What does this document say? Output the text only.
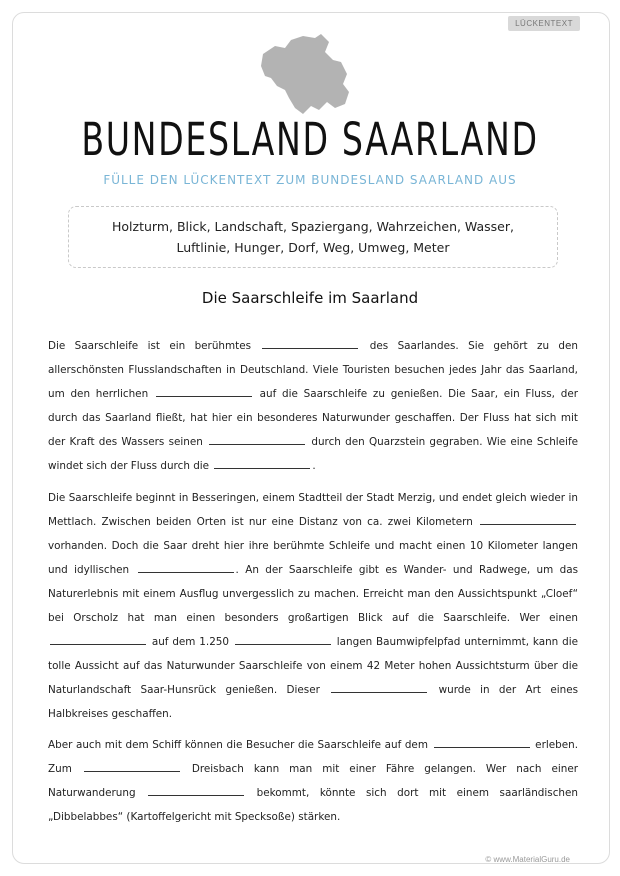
LÜCKENTEXT
BUNDESLAND SAARLAND
FÜLLE DEN LÜCKENTEXT ZUM BUNDESLAND SAARLAND AUS
Holzturm, Blick, Landschaft, Spaziergang, Wahrzeichen, Wasser,
Luftlinie, Hunger, Dorf, Weg, Umweg, Meter
Die Saarschleife im Saarland
Die Saarschleife ist ein berühmtes	des Saarlandes. Sie gehört zu den allerschönsten Flusslandschaften in Deutschland. Viele Touristen besuchen jedes Jahr das Saarland, um den herrlichen	auf die Saarschleife zu genießen. Die Saar, ein Fluss, der durch das Saarland fließt, hat hier ein besonderes Naturwunder geschaffen. Der Fluss hat sich mit der Kraft des Wassers seinen	durch den Quarzstein gegraben. Wie eine Schleife windet sich der Fluss durch die	.
Die Saarschleife beginnt in Besseringen, einem Stadtteil der Stadt Merzig, und endet gleich wieder in Mettlach. Zwischen beiden Orten ist nur eine Distanz von ca. zwei Kilometern  vorhanden. Doch die Saar dreht hier ihre berühmte Schleife und macht einen 10 Kilometer langen und idyllischen	. An der Saarschleife gibt es Wander- und Radwege, um das Naturerlebnis mit einem Ausflug unvergesslich zu machen. Erreicht man den Aussichtspunkt „Cloef“ bei Orscholz hat man einen besonders großartigen Blick auf die Saarschleife. Wer einen  auf dem 1.250	langen Baumwipfelpfad unternimmt, kann die tolle Aussicht auf das Naturwunder Saarschleife von einem 42 Meter hohen Aussichtsturm über die Naturlandschaft Saar-Hunsrück genießen. Dieser	wurde in der Art eines Halbkreises geschaffen.
Aber auch mit dem Schiff können die Besucher die Saarschleife auf dem	erleben. Zum	Dreisbach kann man mit einer Fähre gelangen. Wer nach einer Naturwanderung	bekommt, könnte sich dort mit einem saarländischen „Dibbelabbes“ (Kartoffelgericht mit Specksoße) stärken.
© www.MaterialGuru.de
